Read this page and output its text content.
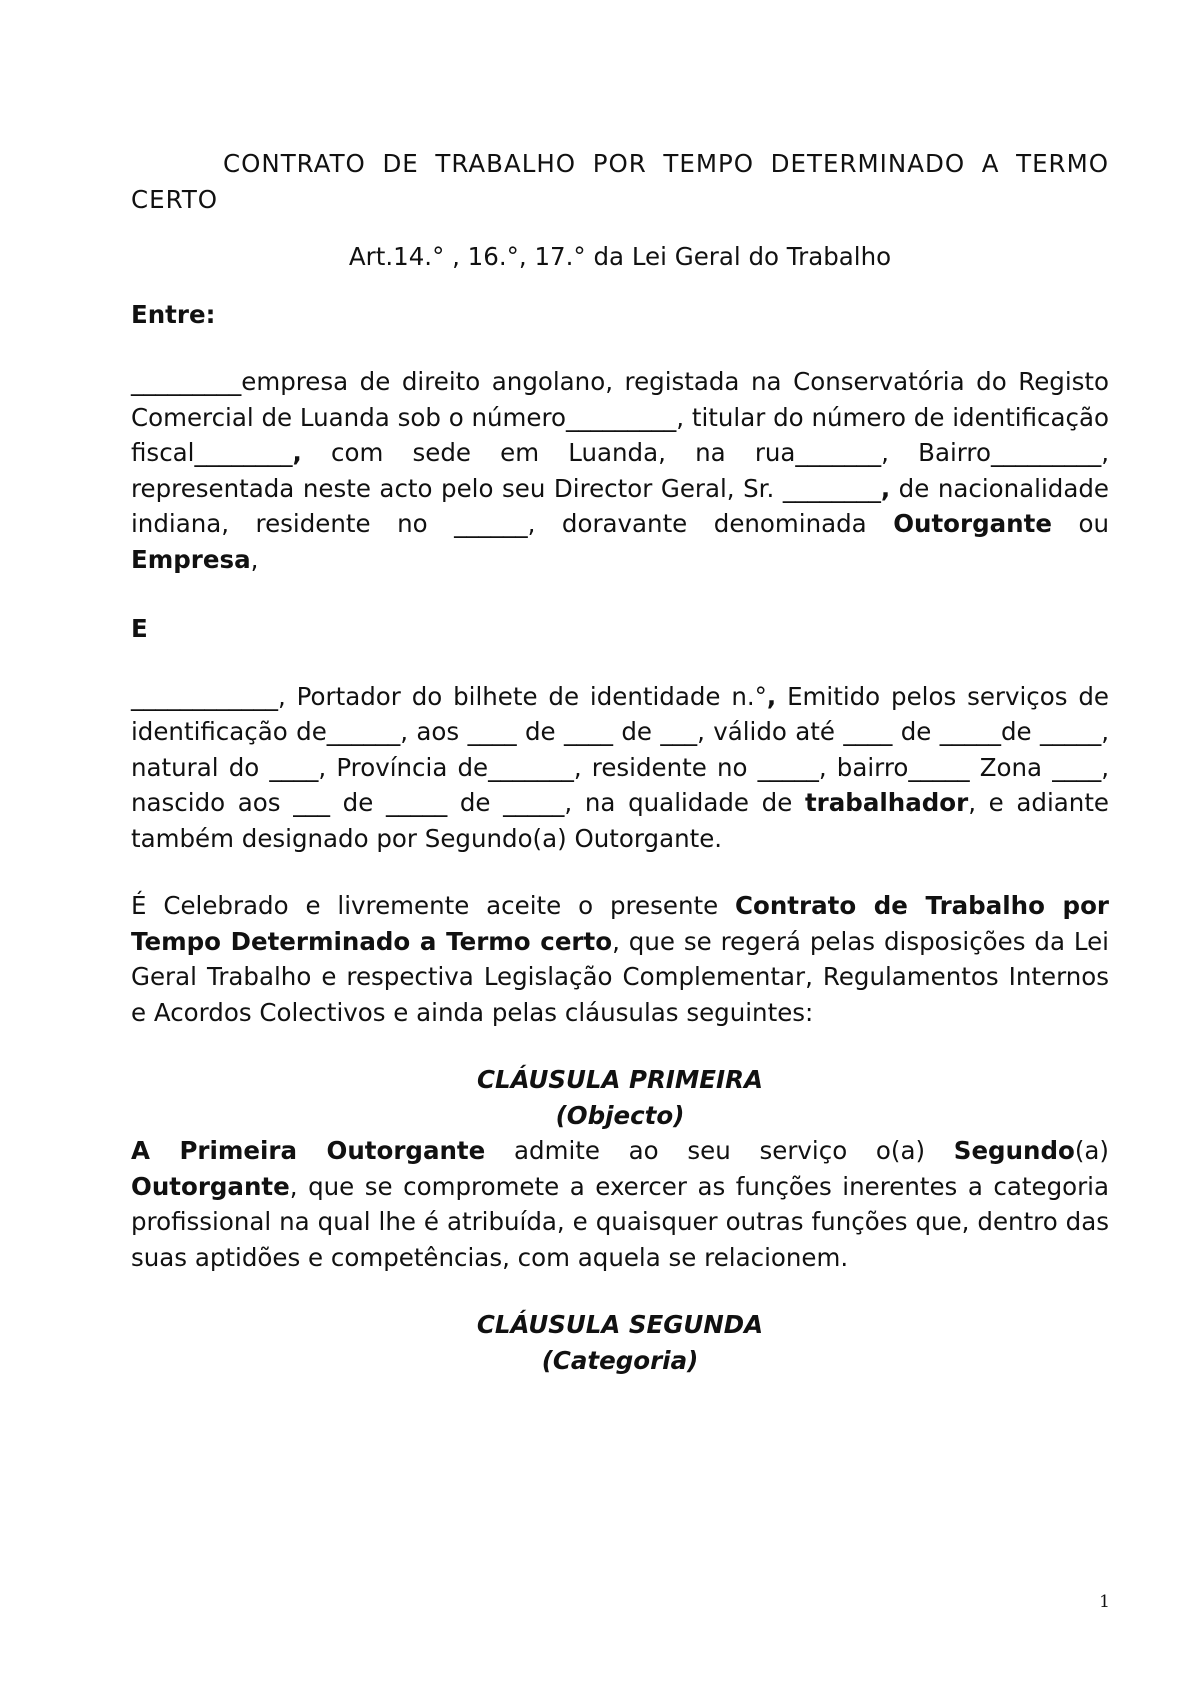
CONTRATO DE TRABALHO POR TEMPO DETERMINADO A TERMO CERTO

Art.14.° , 16.°, 17.° da Lei Geral do Trabalho

Entre:

_________empresa de direito angolano, registada na Conservatória do Registo Comercial de Luanda sob o número_________, titular do número de identificação fiscal________, com sede em Luanda, na rua_______, Bairro_________, representada neste acto pelo seu Director Geral, Sr. ________, de nacionalidade indiana, residente no ______, doravante denominada Outorgante ou Empresa,

E

____________, Portador do bilhete de identidade n.°, Emitido pelos serviços de identificação de______, aos ____ de ____ de ___, válido até ____ de _____de _____, natural do ____, Província de_______, residente no _____, bairro_____ Zona ____, nascido aos ___ de _____ de _____, na qualidade de trabalhador, e adiante também designado por Segundo(a) Outorgante.

É Celebrado e livremente aceite o presente Contrato de Trabalho por Tempo Determinado a Termo certo, que se regerá pelas disposições da Lei Geral Trabalho e respectiva Legislação Complementar, Regulamentos Internos e Acordos Colectivos e ainda pelas cláusulas seguintes:

CLÁUSULA PRIMEIRA

(Objecto)

A Primeira Outorgante admite ao seu serviço o(a) Segundo(a) Outorgante, que se compromete a exercer as funções inerentes a categoria profissional na qual lhe é atribuída, e quaisquer outras funções que, dentro das suas aptidões e competências, com aquela se relacionem.

CLÁUSULA SEGUNDA

(Categoria)

1
